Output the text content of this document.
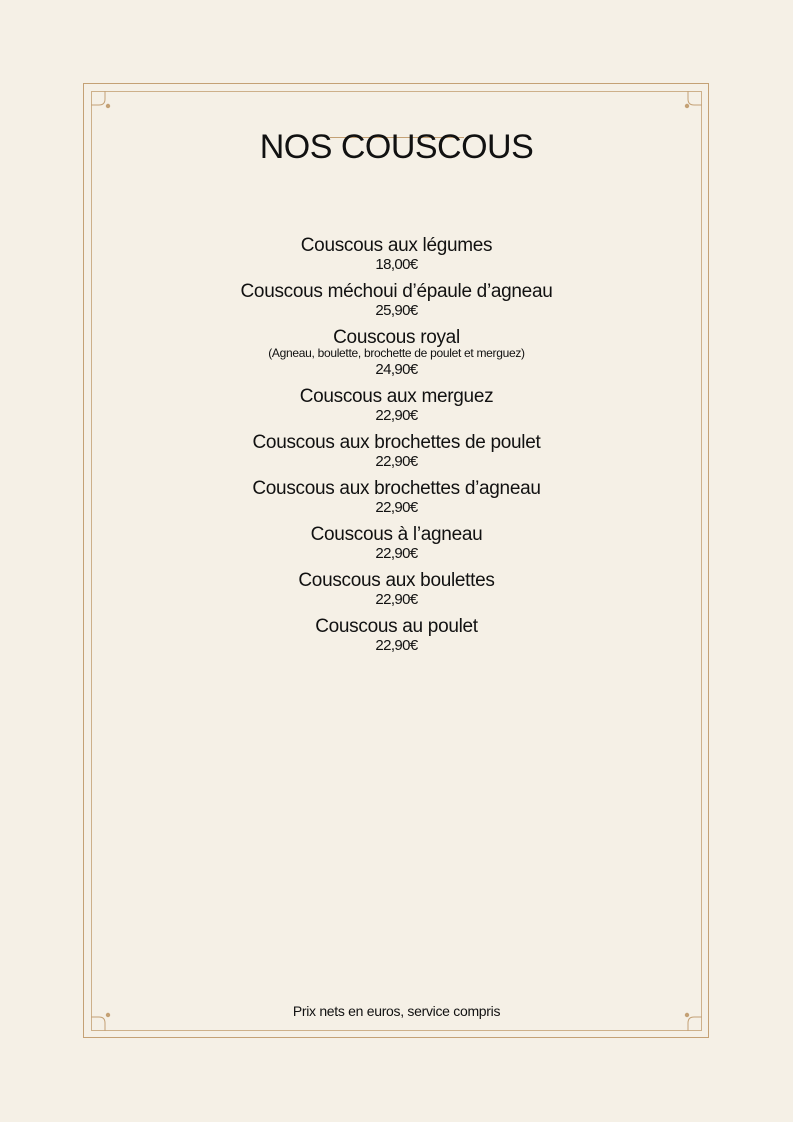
NOS COUSCOUS
Couscous aux légumes
18,00€
Couscous méchoui d’épaule d’agneau
25,90€
Couscous royal
(Agneau, boulette, brochette de poulet et merguez)
24,90€
Couscous aux merguez
22,90€
Couscous aux brochettes de poulet
22,90€
Couscous aux brochettes d’agneau
22,90€
Couscous à l’agneau
22,90€
Couscous aux boulettes
22,90€
Couscous au poulet
22,90€
Prix nets en euros, service compris
